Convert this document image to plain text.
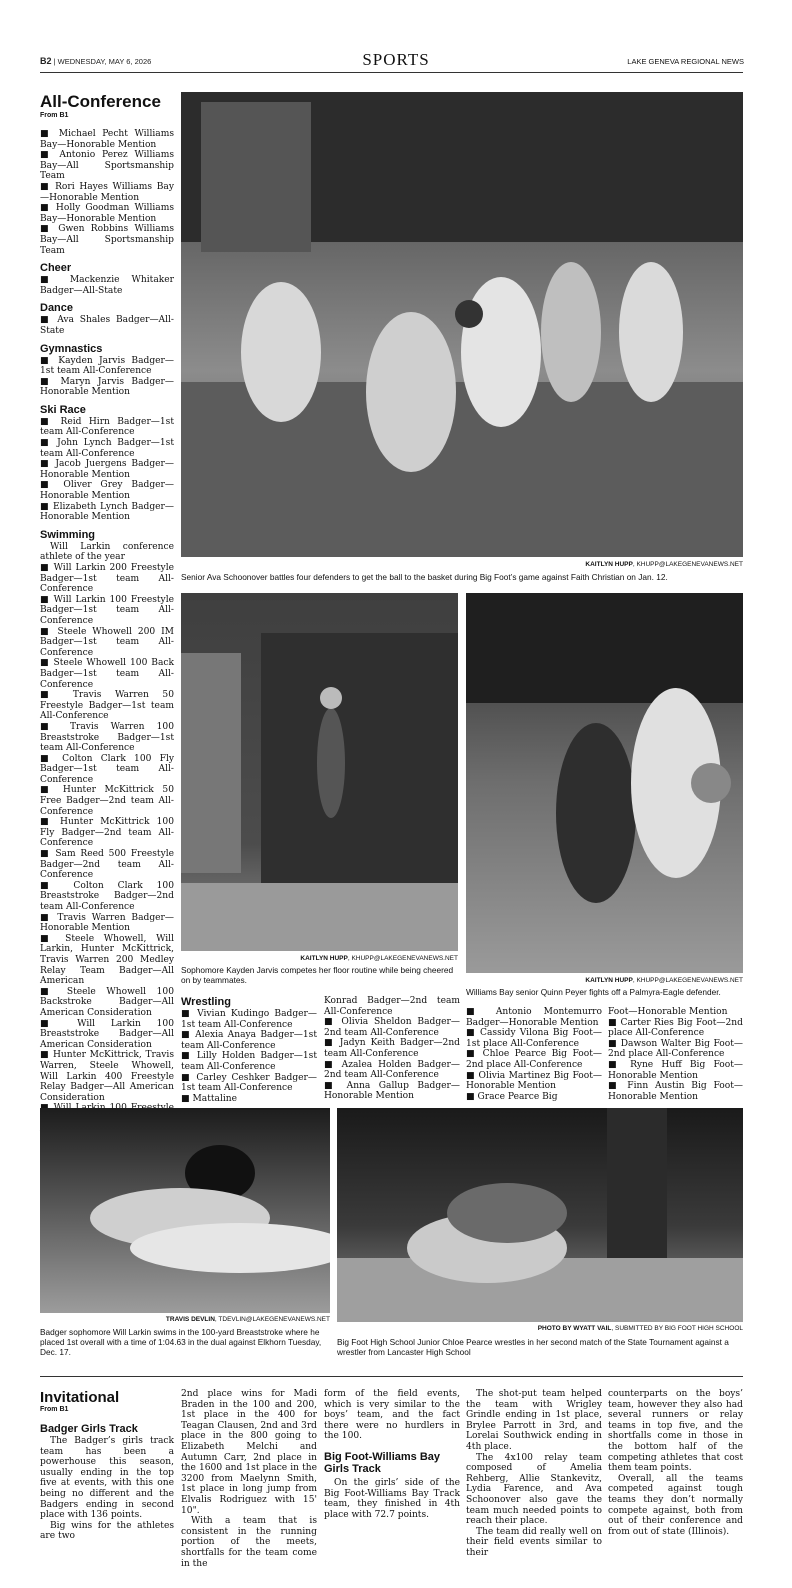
B2 | WEDNESDAY, MAY 6, 2026	SPORTS	LAKE GENEVA REGIONAL NEWS
All-Conference
From B1

■ Michael Pecht Williams Bay—Honorable Mention

■ Antonio Perez Williams Bay—All Sportsmanship Team

■ Rori Hayes Williams Bay—Honorable Mention

■ Holly Goodman Williams Bay—Honorable Mention

■ Gwen Robbins Williams Bay—All Sportsmanship Team

Cheer

■ Mackenzie Whitaker Badger—All-State

Dance

■ Ava Shales Badger—All-State

Gymnastics

■ Kayden Jarvis Badger—1st team All-Conference

■ Maryn Jarvis Badger—Honorable Mention

Ski Race

■ Reid Hirn Badger—1st team All-Conference

■ John Lynch Badger—1st team All-Conference

■ Jacob Juergens Badger—Honorable Mention

■ Oliver Grey Badger—Honorable Mention

■ Elizabeth Lynch Badger—Honorable Mention

Swimming

Will Larkin conference athlete of the year

■ Will Larkin 200 Freestyle Badger—1st team All-Conference

■ Will Larkin 100 Freestyle Badger—1st team All-Conference

■ Steele Whowell 200 IM Badger—1st team All-Conference

■ Steele Whowell 100 Back Badger—1st team All-Conference

■ Travis Warren 50 Freestyle Badger—1st team All-Conference

■ Travis Warren 100 Breaststroke Badger—1st team All-Conference

■ Colton Clark 100 Fly Badger—1st team All-Conference

■ Hunter McKittrick 50 Free Badger—2nd team All-Conference

■ Hunter McKittrick 100 Fly Badger—2nd team All-Conference

■ Sam Reed 500 Freestyle Badger—2nd team All-Conference

■ Colton Clark 100 Breaststroke Badger—2nd team All-Conference

■ Travis Warren Badger—Honorable Mention

■ Steele Whowell, Will Larkin, Hunter McKittrick, Travis Warren 200 Medley Relay Team Badger—All American

■ Steele Whowell 100 Backstroke Badger—All American Consideration

■ Will Larkin 100 Breaststroke Badger—All American Consideration

■ Hunter McKittrick, Travis Warren, Steele Whowell, Will Larkin 400 Freestyle Relay Badger—All American Consideration

KAITLYN HUPP, KHUPP@LAKEGENEVANEWS.NET
Senior Ava Schoonover battles four defenders to get the ball to the basket during Big Foot’s game against Faith Christian on Jan. 12.
KAITLYN HUPP, KHUPP@LAKEGENEVANEWS.NET
Sophomore Kayden Jarvis competes her floor routine while being cheered on by teammates.	KAITLYN HUPP, KHUPP@LAKEGENEVANEWS.NET
Williams Bay senior Quinn Peyer fights off a Palmyra-Eagle defender.
Wrestling

■ Vivian Kudingo Badger—1st team All-Conference

■ Alexia Anaya Badger—1st team All-Conference

■ Lilly Holden Badger—1st team All-Conference

■ Carley Ceshker Badger—1st team All-Conference

■ Mattaline

Konrad Badger—2nd team All-Conference

■ Olivia Sheldon Badger—2nd team All-Conference

■ Jadyn Keith Badger—2nd team All-Conference

■ Azalea Holden Badger—2nd team All-Conference

■ Anna Gallup Badger—Honorable Mention

■ Antonio Montemurro Badger—Honorable Mention

■ Cassidy Vilona Big Foot—1st place All-Conference

■ Chloe Pearce Big Foot—2nd place All-Conference

■ Olivia Martinez Big Foot—Honorable Mention

■ Grace Pearce Big

Foot—Honorable Mention

■ Carter Ries Big Foot—2nd place All-Conference

■ Dawson Walter Big Foot—2nd place All-Conference

■ Ryne Huff Big Foot—Honorable Mention

■ Finn Austin Big Foot—Honorable Mention

TRAVIS DEVLIN, TDEVLIN@LAKEGENEVANEWS.NET
Badger sophomore Will Larkin swims in the 100-yard Breaststroke where he placed 1st overall with a time of 1:04.63 in the dual against Elkhorn Tuesday, Dec. 17.
PHOTO BY WYATT VAIL, SUBMITTED BY BIG FOOT HIGH SCHOOL
Big Foot High School Junior Chloe Pearce wrestles in her second match of the State Tournament against a wrestler from Lancaster High School
Invitational
From B1
Badger Girls Track

The Badger’s girls track team has been a powerhouse this season, usually ending in the top five at events, with this one being no different and the Badgers ending in second place with 136 points.

Big wins for the athletes are two

2nd place wins for Madi Braden in the 100 and 200, 1st place in the 400 for Teagan Clausen, 2nd and 3rd place in the 800 going to Elizabeth Melchi and Autumn Carr, 2nd place in the 1600 and 1st place in the 3200 from Maelynn Smith, 1st place in long jump from Elvalis Rodriguez with 15' 10".

With a team that is consistent in the running portion of the meets, shortfalls for the team come in the

form of the field events, which is very similar to the boys’ team, and the fact there were no hurdlers in the 100.

Big Foot-Williams Bay Girls Track

On the girls’ side of the Big Foot-Williams Bay Track team, they finished in 4th place with 72.7 points.

The shot-put team helped the team with Wrigley Grindle ending in 1st place, Brylee Parrott in 3rd, and Lorelai Southwick ending in 4th place.

The 4x100 relay team composed of Amelia Rehberg, Allie Stankevitz, Lydia Farence, and Ava Schoonover also gave the team much needed points to reach their place.

The team did really well on their field events similar to their

counterparts on the boys’ team, however they also had several runners or relay teams in top five, and the shortfalls come in those in the bottom half of the competing athletes that cost them team points.

Overall, all the teams competed against tough teams they don’t normally compete against, both from out of their conference and from out of state (Illinois).
